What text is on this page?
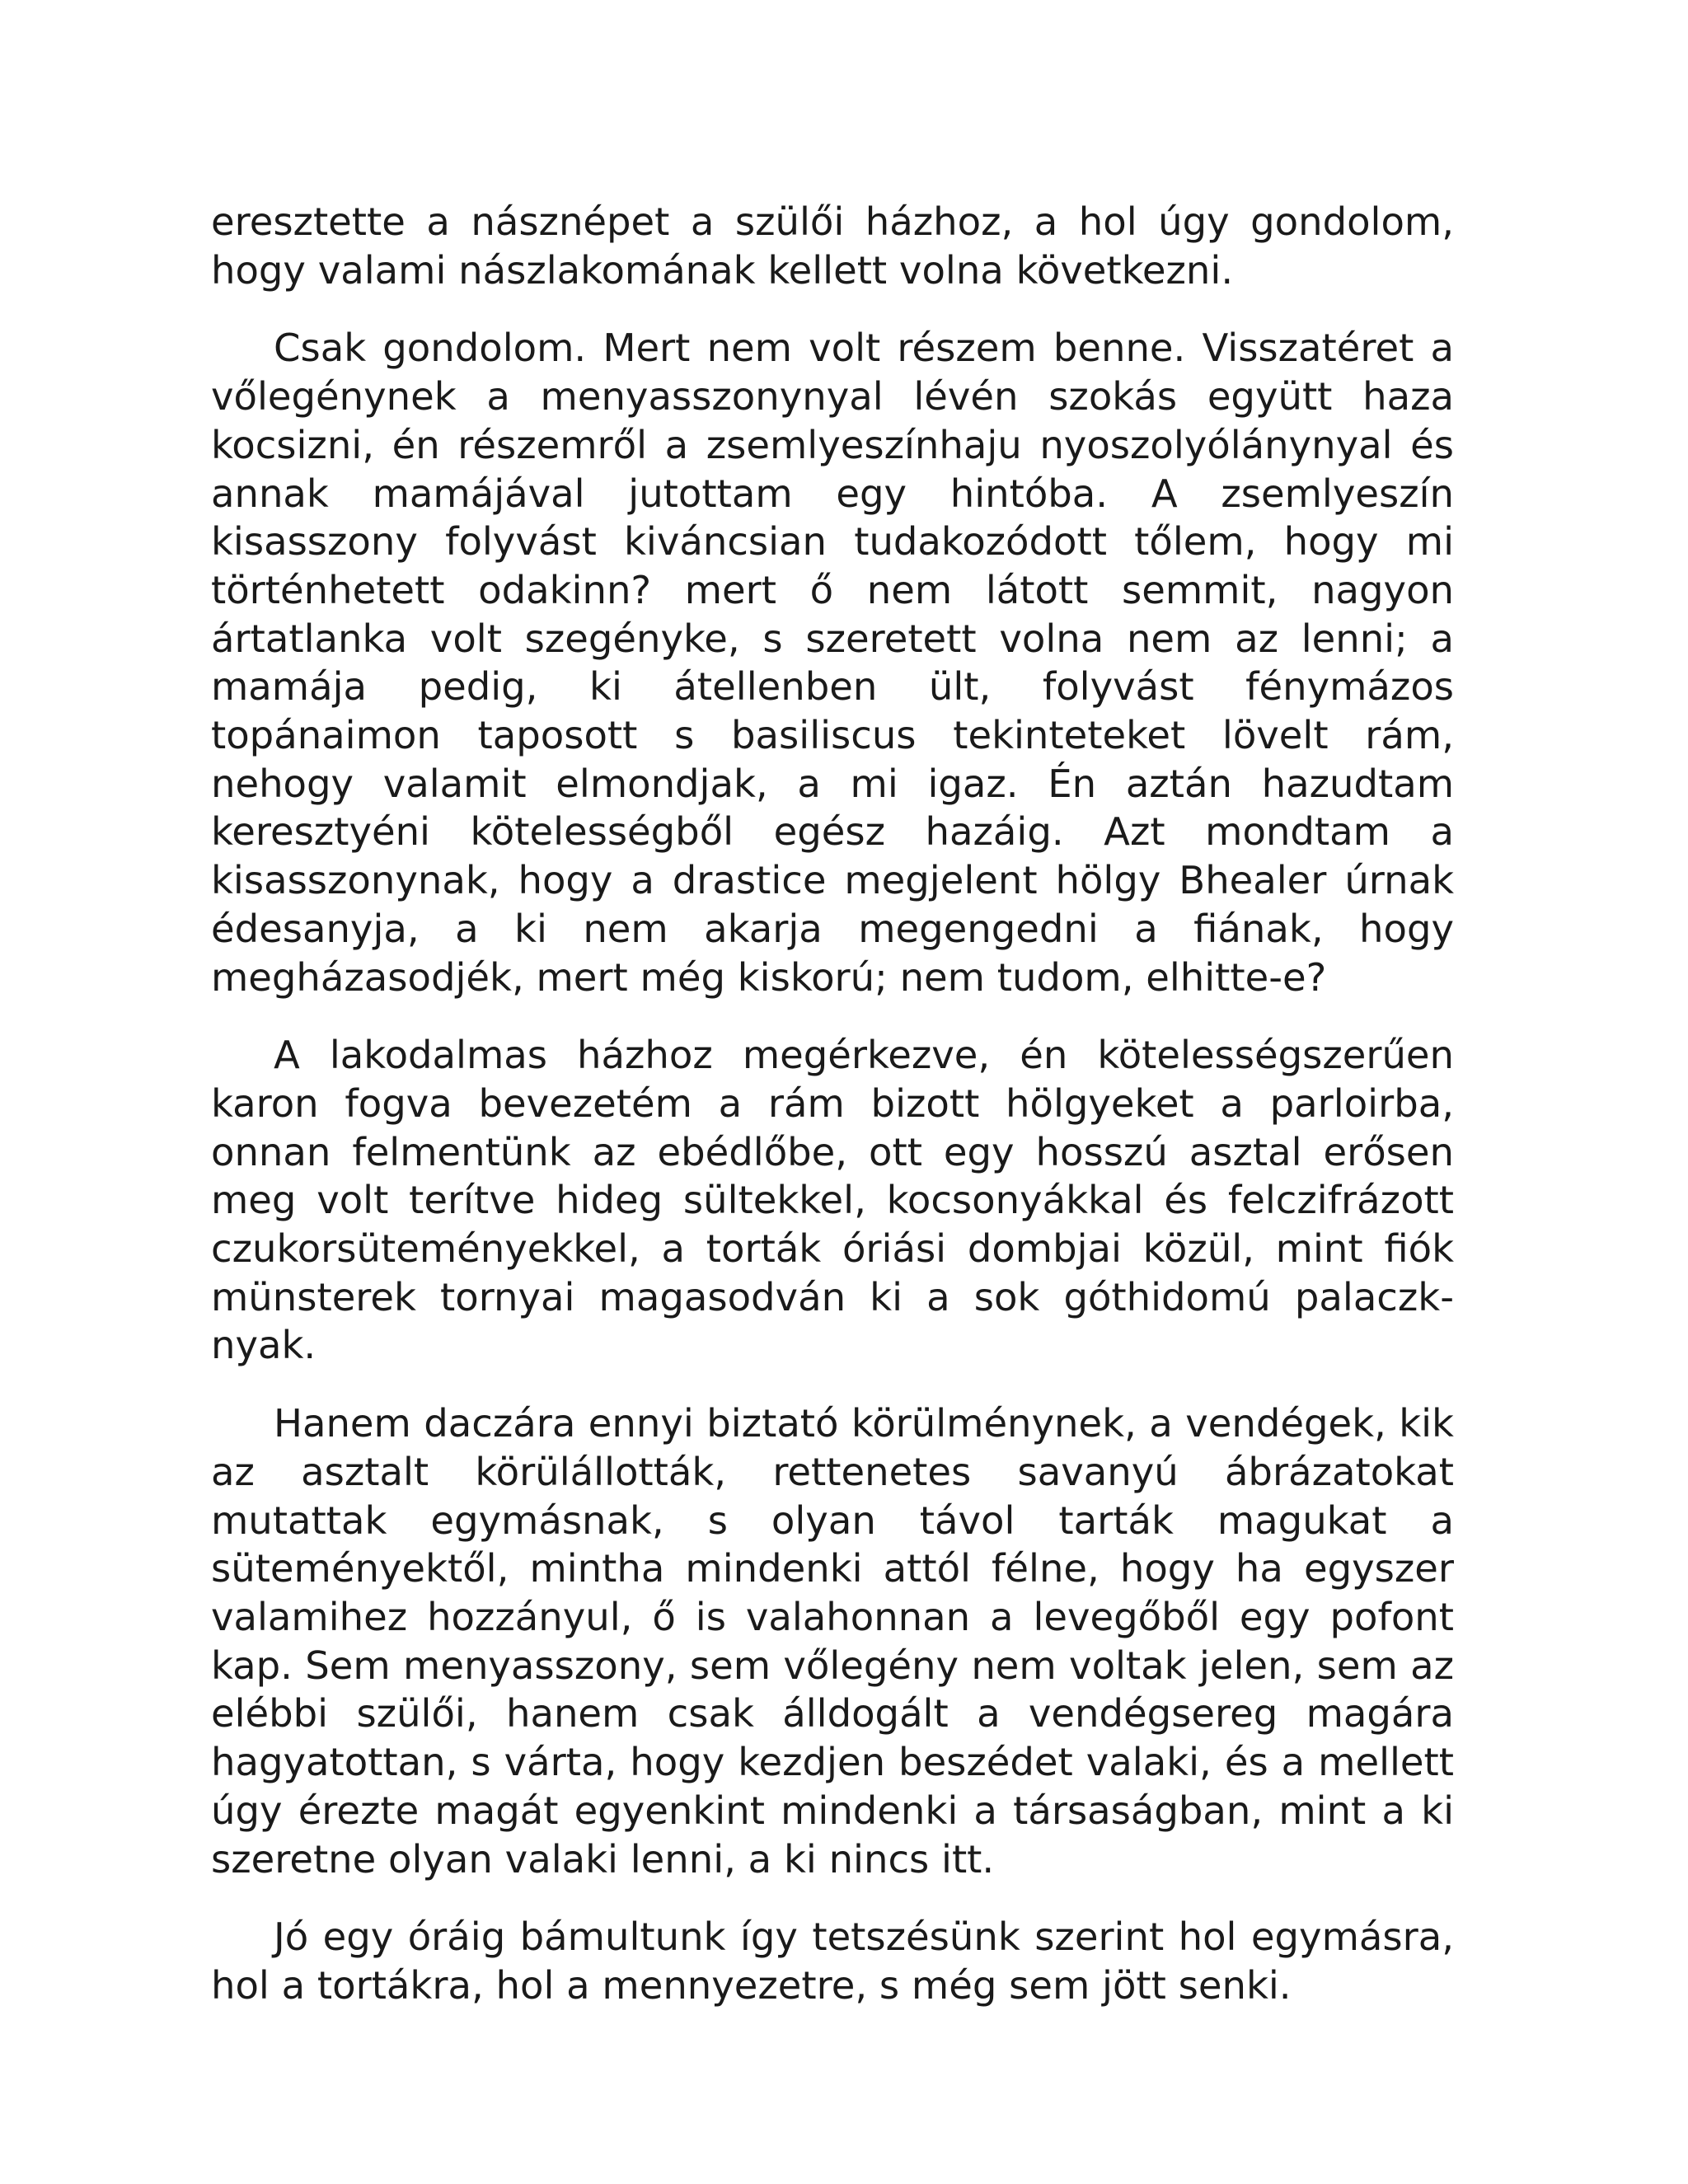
eresztette a násznépet a szülői házhoz, a hol úgy gondolom, hogy valami nászlakomának kellett volna következni.

Csak gondolom. Mert nem volt részem benne. Visszatéret a vőlegénynek a menyasszonynyal lévén szokás együtt haza kocsizni, én részemről a zsemlyeszínhaju nyoszolyólánynyal és annak mamájával jutottam egy hintóba. A zsemlyeszín kisasszony folyvást kiváncsian tudakozódott tőlem, hogy mi történhetett odakinn? mert ő nem látott semmit, nagyon ártatlanka volt szegényke, s szeretett volna nem az lenni; a mamája pedig, ki átellenben ült, folyvást fénymázos topánaimon taposott s basiliscus tekinteteket lövelt rám, nehogy valamit elmondjak, a mi igaz. Én aztán hazudtam keresztyéni kötelességből egész hazáig. Azt mondtam a kisasszonynak, hogy a drastice megjelent hölgy Bhealer úrnak édesanyja, a ki nem akarja megengedni a fiának, hogy megházasodjék, mert még kiskorú; nem tudom, elhitte-e?

A lakodalmas házhoz megérkezve, én kötelességszerűen karon fogva bevezetém a rám bizott hölgyeket a parloirba, onnan felmentünk az ebédlőbe, ott egy hosszú asztal erősen meg volt terítve hideg sültekkel, kocsonyákkal és felczifrázott czukorsüteményekkel, a torták óriási dombjai közül, mint fiók münsterek tornyai magasodván ki a sok góthidomú palaczk-nyak.

Hanem daczára ennyi biztató körülménynek, a vendégek, kik az asztalt körülállották, rettenetes savanyú ábrázatokat mutattak egymásnak, s olyan távol tarták magukat a süteményektől, mintha mindenki attól félne, hogy ha egyszer valamihez hozzányul, ő is valahonnan a levegőből egy pofont kap. Sem menyasszony, sem vőlegény nem voltak jelen, sem az elébbi szülői, hanem csak álldogált a vendégsereg magára hagyatottan, s várta, hogy kezdjen beszédet valaki, és a mellett úgy érezte magát egyenkint mindenki a társaságban, mint a ki szeretne olyan valaki lenni, a ki nincs itt.

Jó egy óráig bámultunk így tetszésünk szerint hol egymásra, hol a tortákra, hol a mennyezetre, s még sem jött senki.
